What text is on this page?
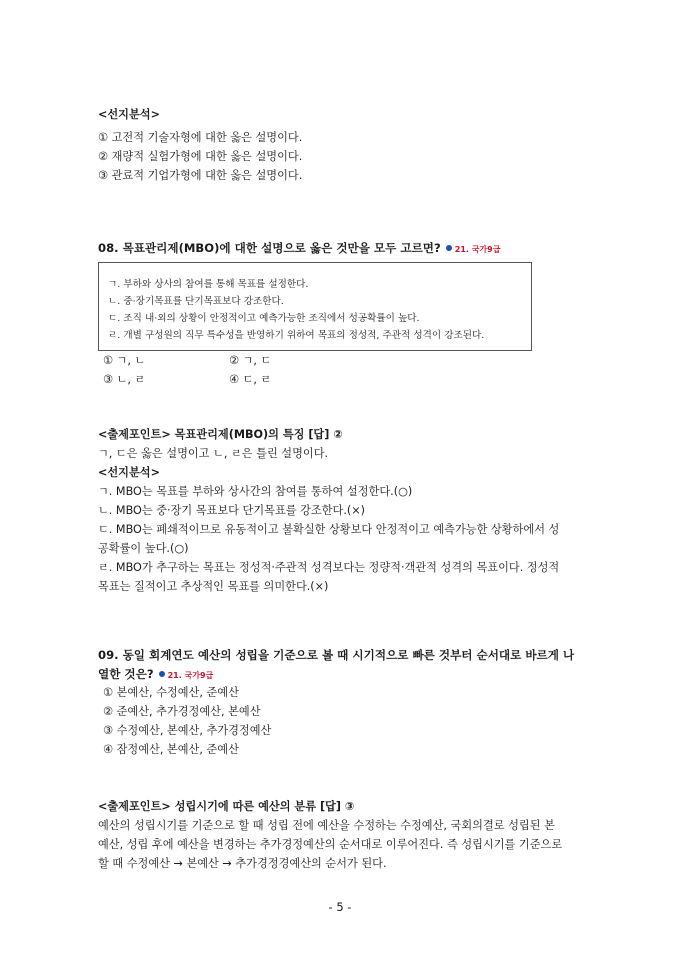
<선지분석>
① 고전적 기술자형에 대한 옳은 설명이다.
② 재량적 실험가형에 대한 옳은 설명이다.
③ 관료적 기업가형에 대한 옳은 설명이다.
08. 목표관리제(MBO)에 대한 설명으로 옳은 것만을 모두 고르면? 21. 국가9급
ㄱ. 부하와 상사의 참여를 통해 목표를 설정한다.
ㄴ. 중·장기목표를 단기목표보다 강조한다.
ㄷ. 조직 내·외의 상황이 안정적이고 예측가능한 조직에서 성공확률이 높다.
ㄹ. 개별 구성원의 직무 특수성을 반영하기 위하여 목표의 정성적, 주관적 성격이 강조된다.
① ㄱ, ㄴ	② ㄱ, ㄷ
③ ㄴ, ㄹ	④ ㄷ, ㄹ
<출제포인트> 목표관리제(MBO)의 특징 [답] ②
ㄱ, ㄷ은 옳은 설명이고 ㄴ, ㄹ은 틀린 설명이다.
<선지분석>
ㄱ. MBO는 목표를 부하와 상사간의 참여를 통하여 설정한다.(○)
ㄴ. MBO는 중·장기 목표보다 단기목표를 강조한다.(×)
ㄷ. MBO는 폐쇄적이므로 유동적이고 불확실한 상황보다 안정적이고 예측가능한 상황하에서 성
공확률이 높다.(○)
ㄹ. MBO가 추구하는 목표는 정성적·주관적 성격보다는 정량적·객관적 성격의 목표이다. 정성적
목표는 질적이고 추상적인 목표를 의미한다.(×)
09. 동일 회계연도 예산의 성립을 기준으로 볼 때 시기적으로 빠른 것부터 순서대로 바르게 나
열한 것은? 21. 국가9급
① 본예산, 수정예산, 준예산
② 준예산, 추가경정예산, 본예산
③ 수정예산, 본예산, 추가경정예산
④ 잠정예산, 본예산, 준예산
<출제포인트> 성립시기에 따른 예산의 분류 [답] ③
예산의 성립시기를 기준으로 할 때 성립 전에 예산을 수정하는 수정예산, 국회의결로 성립된 본
예산, 성립 후에 예산을 변경하는 추가경정예산의 순서대로 이루어진다. 즉 성립시기를 기준으로
할 때 수정예산 → 본예산 → 추가경정경예산의 순서가 된다.
- 5 -
